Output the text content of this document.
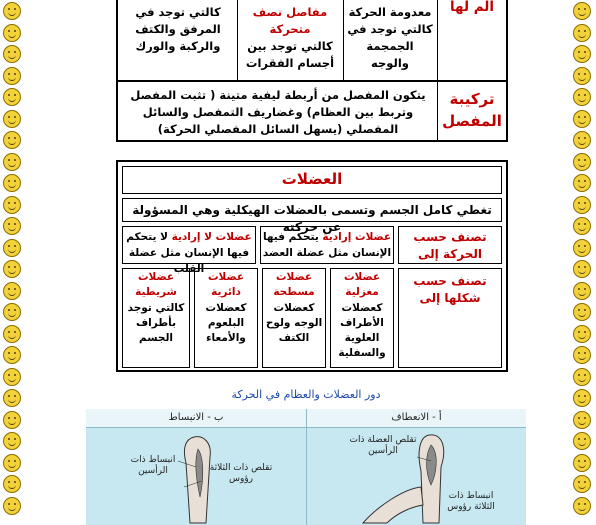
الم لها
معدومة الحركة كالتي توجد في الجمجمة والوجه
مفاصل نصف متحركة
كالتي توجد بين أجسام الفقرات
كالتي توجد في المرفق والكتف والركبة والورك
تركيبة المفصل
يتكون المفصل من أربطة ليفية متينة ( تثبت المفصل وتربط بين العظام) وغضاريف التمفصل والسائل المفصلي (يسهل السائل المفصلي الحركة)
العضلات
تغطي كامل الجسم وتسمى بالعضلات الهيكلية وهي المسؤولة عن حركته
تصنف حسب الحركة إلى
عضلات إرادية يتحكم فيها الإنسان مثل عضلة العضد
عضلات لا إرادية لا يتحكم فيها الإنسان مثل عضلة القلب
تصنف حسب شكلها إلى
عضلات مغزلية
كعضلات الأطراف العلوية والسفلية
عضلات مسطحة
كعضلات الوجه ولوح الكتف
عضلات دائرية
كعضلات البلعوم والأمعاء
عضلات شريطية
كالتي توجد بأطراف الجسم
دور العضلات والعظام في الحركة
ب - الانبساط	أ - الانعطاف
انبساط ذات الرأسين	تقلص ذات الثلاثة رؤوس
تقلص العضلة ذات الرأسين
انبساط ذات الثلاثة رؤوس
